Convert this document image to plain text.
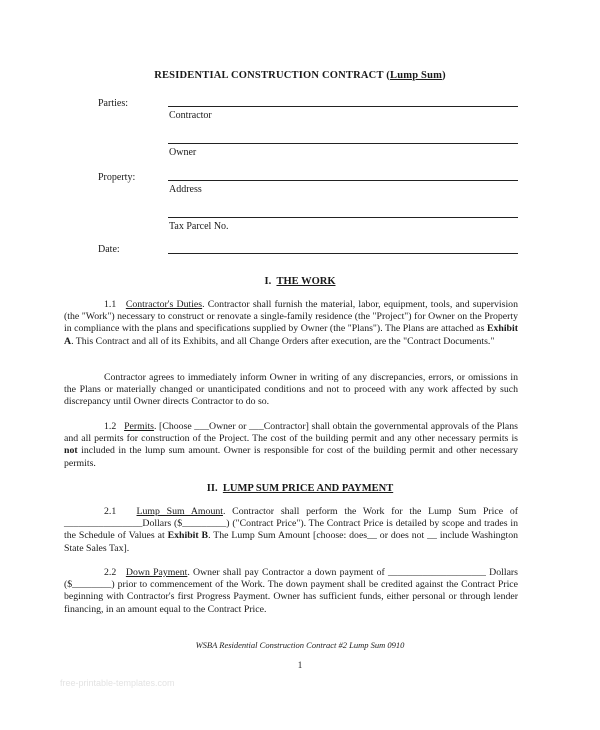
RESIDENTIAL CONSTRUCTION CONTRACT (Lump Sum)
Parties:
Contractor
Owner
Property:
Address
Tax Parcel No.
Date:
I. THE WORK

1.1 Contractor's Duties. Contractor shall furnish the material, labor, equipment, tools, and supervision (the "Work") necessary to construct or renovate a single-family residence (the "Project") for Owner on the Property in compliance with the plans and specifications supplied by Owner (the "Plans"). The Plans are attached as Exhibit A. This Contract and all of its Exhibits, and all Change Orders after execution, are the "Contract Documents."

Contractor agrees to immediately inform Owner in writing of any discrepancies, errors, or omissions in the Plans or materially changed or unanticipated conditions and not to proceed with any work affected by such discrepancy until Owner directs Contractor to do so.

1.2 Permits. [Choose ___Owner or ___Contractor] shall obtain the governmental approvals of the Plans and all permits for construction of the Project. The cost of the building permit and any other necessary permits is not included in the lump sum amount. Owner is responsible for cost of the building permit and other necessary permits.

II. LUMP SUM PRICE AND PAYMENT

2.1 Lump Sum Amount. Contractor shall perform the Work for the Lump Sum Price of ________________Dollars ($_________) ("Contract Price"). The Contract Price is detailed by scope and trades in the Schedule of Values at Exhibit B. The Lump Sum Amount [choose: does__ or does not __ include Washington State Sales Tax].

2.2 Down Payment. Owner shall pay Contractor a down payment of ____________________ Dollars ($________) prior to commencement of the Work. The down payment shall be credited against the Contract Price beginning with Contractor's first Progress Payment. Owner has sufficient funds, either personal or through lender financing, in an amount equal to the Contract Price.

WSBA Residential Construction Contract #2 Lump Sum 0910
1
free-printable-templates.com
